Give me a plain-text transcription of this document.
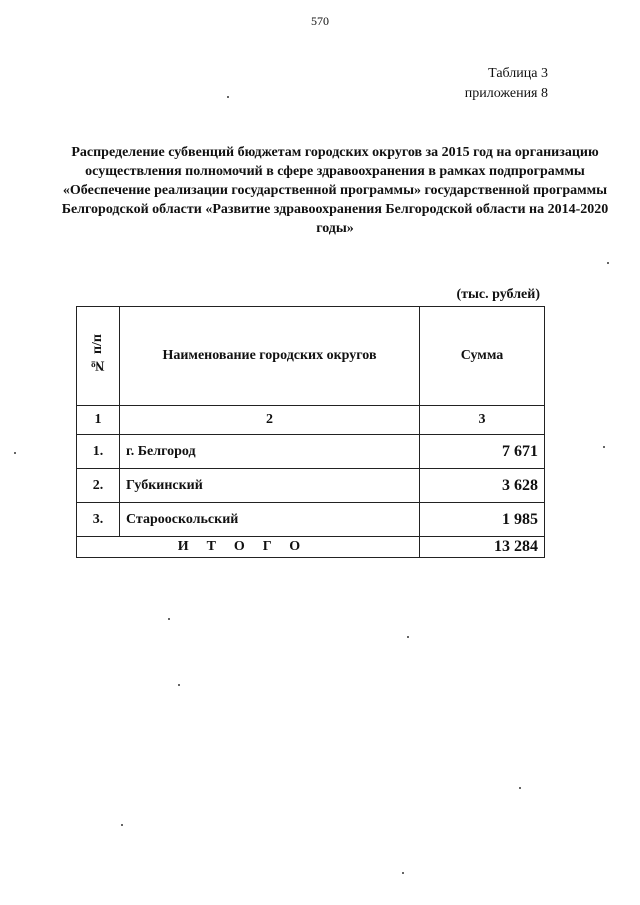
570
Таблица 3
приложения 8
Распределение субвенций бюджетам городских округов за 2015 год на организацию осуществления полномочий в сфере здравоохранения в рамках подпрограммы «Обеспечение реализации государственной программы» государственной программы Белгородской области «Развитие здравоохранения Белгородской области на 2014-2020 годы»
(тыс. рублей)
№ п/п	Наименование городских округов	Сумма
1	2	3
1.	г. Белгород	7 671
2.	Губкинский	3 628
3.	Старооскольский	1 985
ИТОГО		13 284
